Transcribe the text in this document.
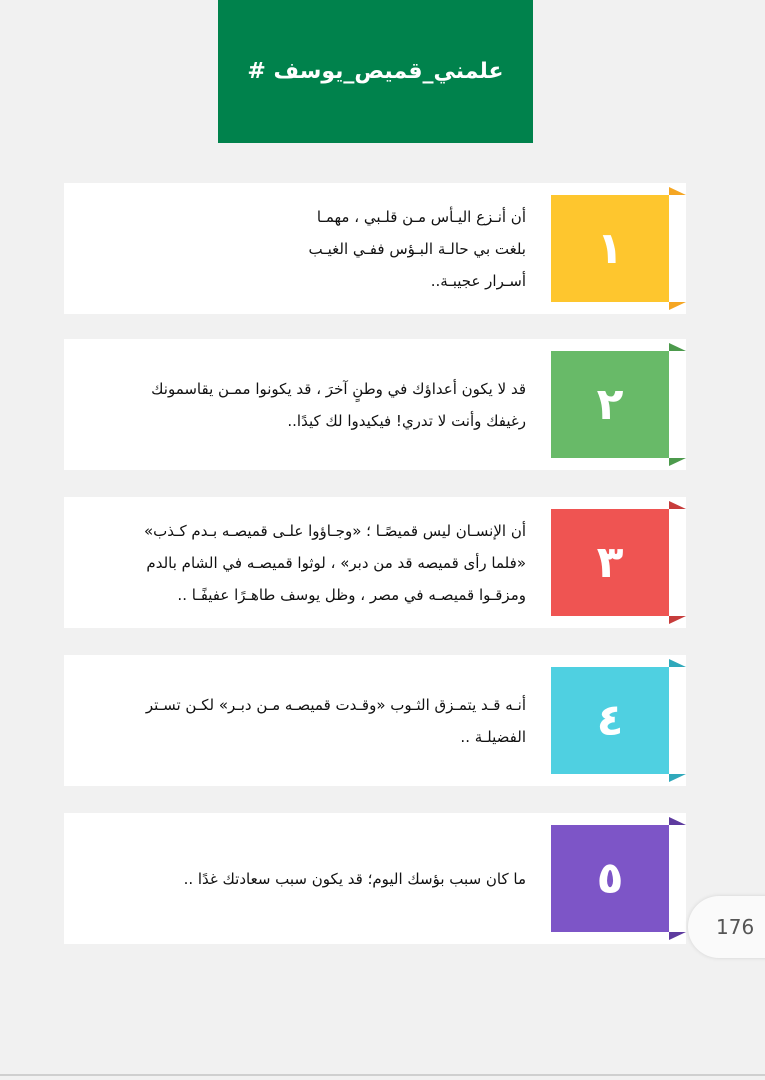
# علمني_قميص_يوسف
أن أنـزع اليـأس مـن قلـبي ، مهمـا
بلغت بي حالـة البـؤس ففـي الغيـب
أسـرار عجيبـة..
١
قد لا يكون أعداؤك في وطنٍ آخرَ ، قد يكونوا ممـن يقاسمونك
رغيفك وأنت لا تدري! فيكيدوا لك كيدًا..	٢
أن الإنسـان ليس قميصًـا ؛ «وجـاؤوا علـى قميصـه بـدم كـذب»
«فلما رأى قميصه قد من دبر» ، لوثوا قميصـه في الشام بالدم
ومزقـوا قميصـه في مصر ، وظل يوسف طاهـرًا عفيفًـا ..
٣
أنـه قـد يتمـزق الثـوب «وقـدت قميصـه مـن دبـر» لكـن تسـتر
الفضيلـة ..	٤
ما كان سبب بؤسك اليوم؛ قد يكون سبب سعادتك غدًا ..	٥
176
